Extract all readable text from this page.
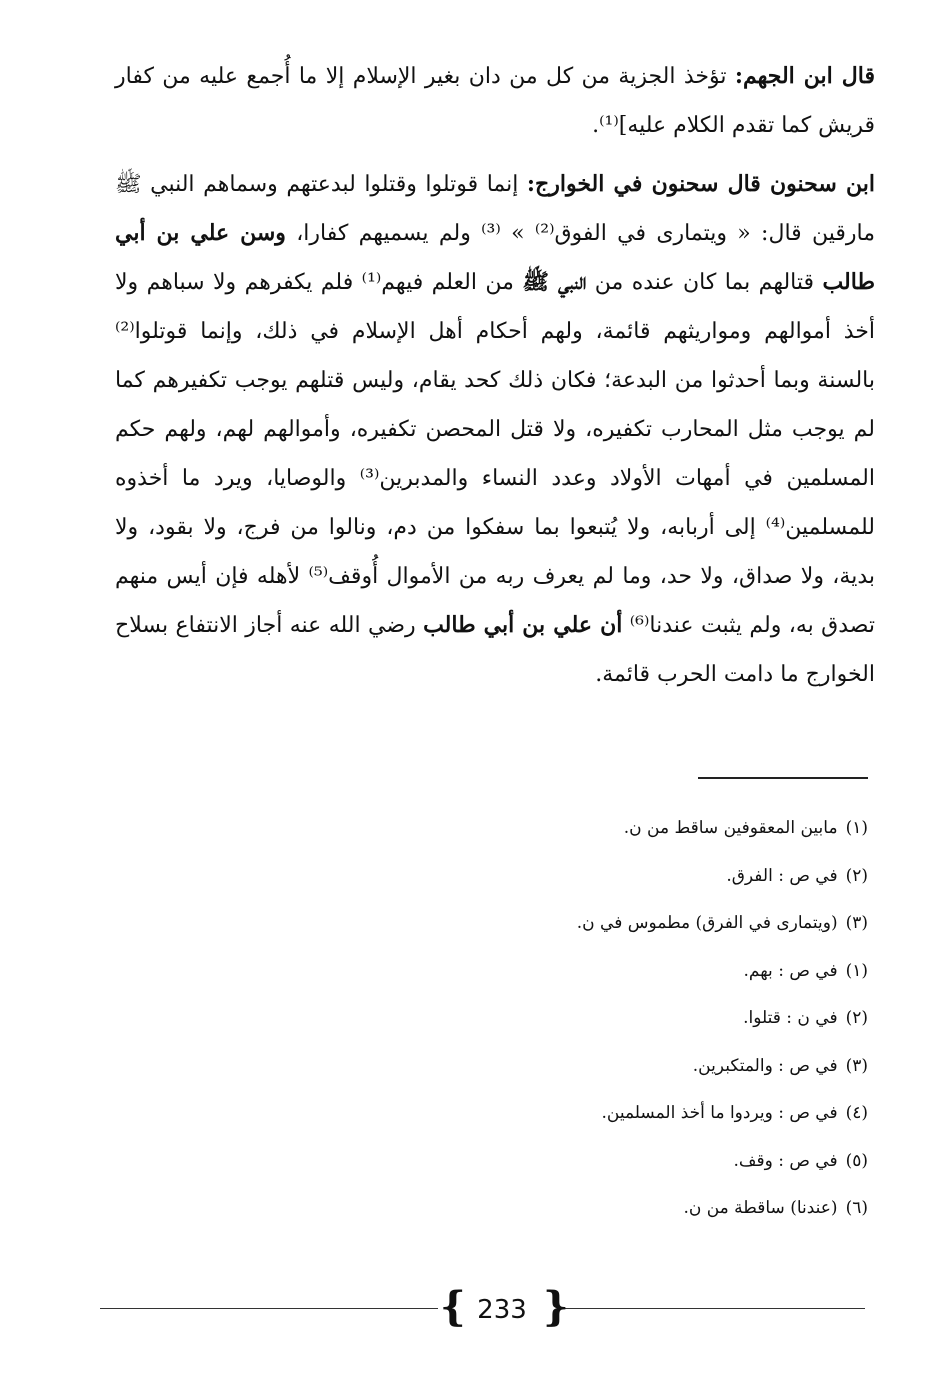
قال ابن الجهم: تؤخذ الجزية من كل من دان بغير الإسلام إلا ما أُجمع عليه من كفار قريش كما تقدم الكلام عليه]⁽¹⁾.

ابن سحنون قال سحنون في الخوارج: إنما قوتلوا وقتلوا لبدعتهم وسماهم النبي ﷺ مارقين قال: « ويتمارى في الفوق⁽²⁾ » ⁽³⁾ ولم يسميهم كفارا، وسن علي بن أبي طالب قتالهم بما كان عنده من النبي ﷺ من العلم فيهم⁽¹⁾ فلم يكفرهم ولا سباهم ولا أخذ أموالهم ومواريثهم قائمة، ولهم أحكام أهل الإسلام في ذلك، وإنما قوتلوا⁽²⁾ بالسنة وبما أحدثوا من البدعة؛ فكان ذلك كحد يقام، وليس قتلهم يوجب تكفيرهم كما لم يوجب مثل المحارب تكفيره، ولا قتل المحصن تكفيره، وأموالهم لهم، ولهم حكم المسلمين في أمهات الأولاد وعدد النساء والمدبرين⁽³⁾ والوصايا، ويرد ما أخذوه للمسلمين⁽⁴⁾ إلى أربابه، ولا يُتبعوا بما سفكوا من دم، ونالوا من فرج، ولا بقود، ولا بدية، ولا صداق، ولا حد، وما لم يعرف ربه من الأموال أُوقف⁽⁵⁾ لأهله فإن أيس منهم تصدق به، ولم يثبت عندنا⁽⁶⁾ أن علي بن أبي طالب رضي الله عنه أجاز الانتفاع بسلاح الخوارج ما دامت الحرب قائمة.

(١)مابين المعقوفين ساقط من ن.
(٢)في ص : الفرق.
(٣)(ويتمارى في الفرق) مطموس في ن.
(١)في ص : بهم.
(٢)في ن : قتلوا.
(٣)في ص : والمتكبرين.
(٤)في ص : ويردوا ما أخذ المسلمين.
(٥)في ص : وقف.
(٦)(عندنا) ساقطة من ن.
{ 233 }
